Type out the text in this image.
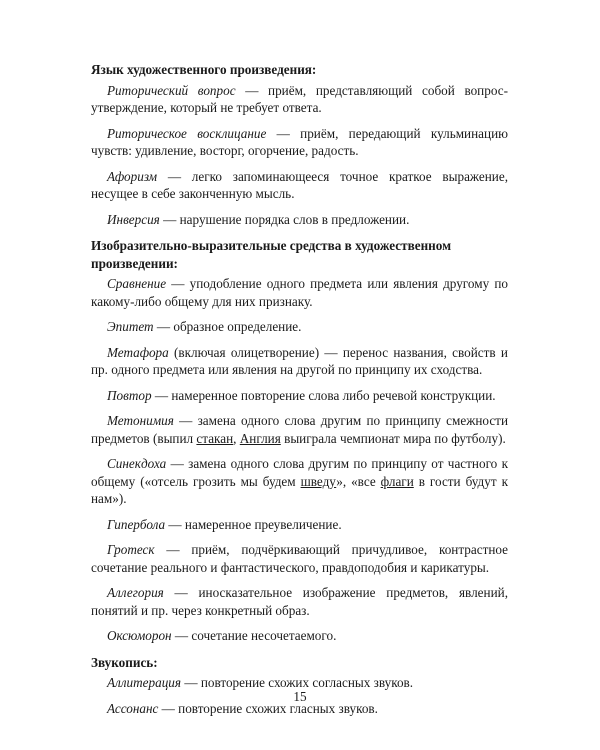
Язык художественного произведения:

Риторический вопрос — приём, представляющий собой вопрос-утверждение, который не требует ответа.

Риторическое восклицание — приём, передающий кульминацию чувств: удивление, восторг, огорчение, радость.

Афоризм — легко запоминающееся точное краткое выражение, несущее в себе законченную мысль.

Инверсия — нарушение порядка слов в предложении.

Изобразительно-выразительные средства в художественном произведении:

Сравнение — уподобление одного предмета или явления другому по какому-либо общему для них признаку.

Эпитет — образное определение.

Метафора (включая олицетворение) — перенос названия, свойств и пр. одного предмета или явления на другой по принципу их сходства.

Повтор — намеренное повторение слова либо речевой конструкции.

Метонимия — замена одного слова другим по принципу смежности предметов (выпил стакан, Англия выиграла чемпионат мира по футболу).

Синекдоха — замена одного слова другим по принципу от частного к общему («отсель грозить мы будем шведу», «все флаги в гости будут к нам»).

Гипербола — намеренное преувеличение.

Гротеск — приём, подчёркивающий причудливое, контрастное сочетание реального и фантастического, правдоподобия и карикатуры.

Аллегория — иносказательное изображение предметов, явлений, понятий и пр. через конкретный образ.

Оксюморон — сочетание несочетаемого.

Звукопись:

Аллитерация — повторение схожих согласных звуков.

Ассонанс — повторение схожих гласных звуков.

15
